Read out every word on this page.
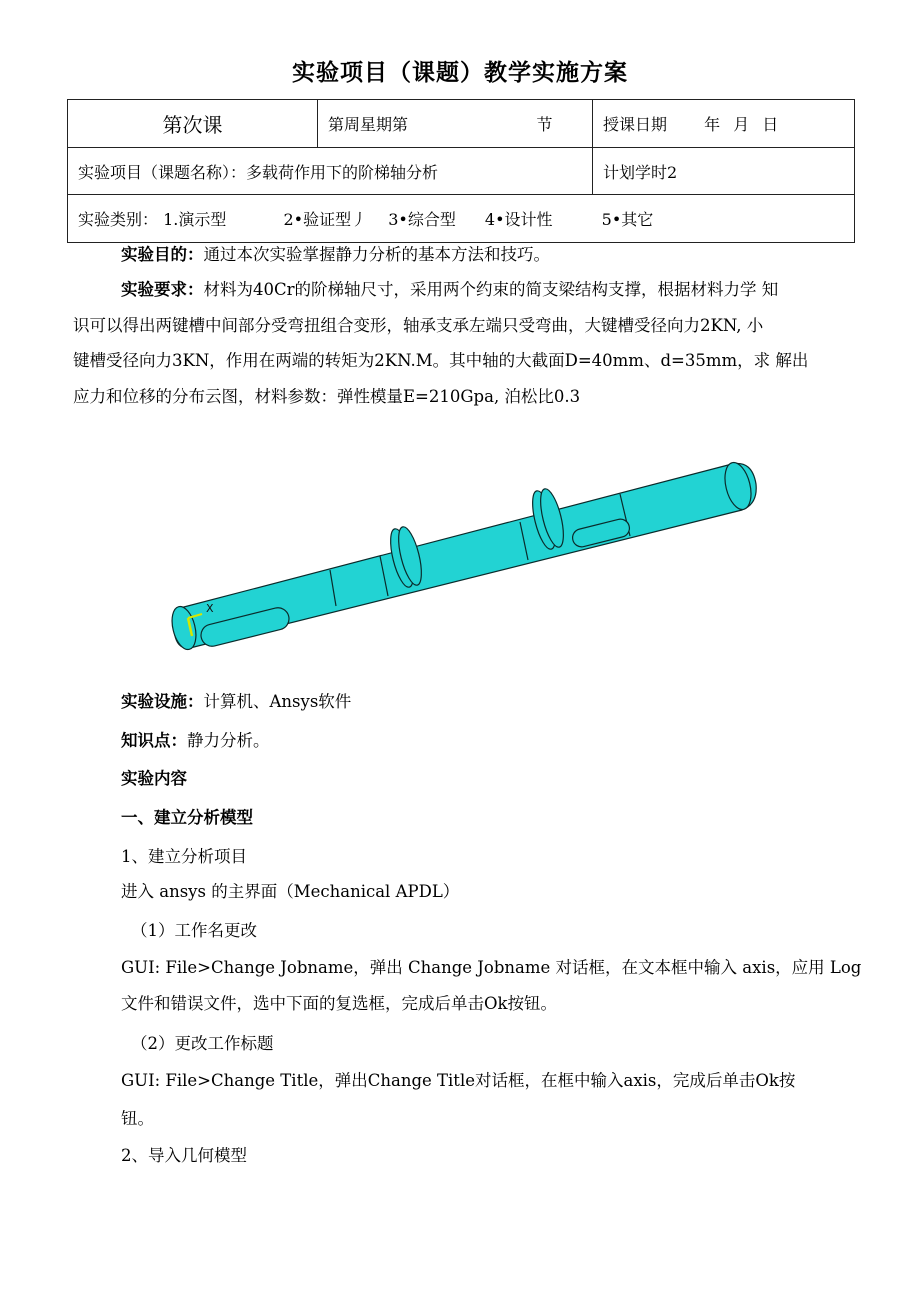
实验项目（课题）教学实施方案
第次课	第周星期第 节		授课日期 年 月 日
实验项目（课题名称）：多载荷作用下的阶梯轴分析			计划学时2
实验类别： 1.演示型 2•验证型丿 3•综合型 4•设计性 5•其它			
实验目的：通过本次实验掌握静力分析的基本方法和技巧。
实验要求：材料为40Cr的阶梯轴尺寸，采用两个约束的简支梁结构支撑，根据材料力学 知
识可以得出两键槽中间部分受弯扭组合变形，轴承支承左端只受弯曲，大键槽受径向力2KN, 小
键槽受径向力3KN，作用在两端的转矩为2KN.M。其中轴的大截面D=40mm、d=35mm，求 解出
应力和位移的分布云图，材料参数：弹性模量E=210Gpa, 泊松比0.3
X
实验设施：计算机、Ansys软件
知识点：静力分析。
实验内容
一、建立分析模型
1、建立分析项目
进入 ansys 的主界面（Mechanical APDL）
（1）工作名更改
GUI: File>Change Jobname，弹出 Change Jobname 对话框，在文本框中输入 axis，应用 Log
文件和错误文件，选中下面的复选框，完成后单击Ok按钮。
（2）更改工作标题
GUI: File>Change Title，弹出Change Title对话框，在框中输入axis，完成后单击Ok按
钮。
2、导入几何模型
